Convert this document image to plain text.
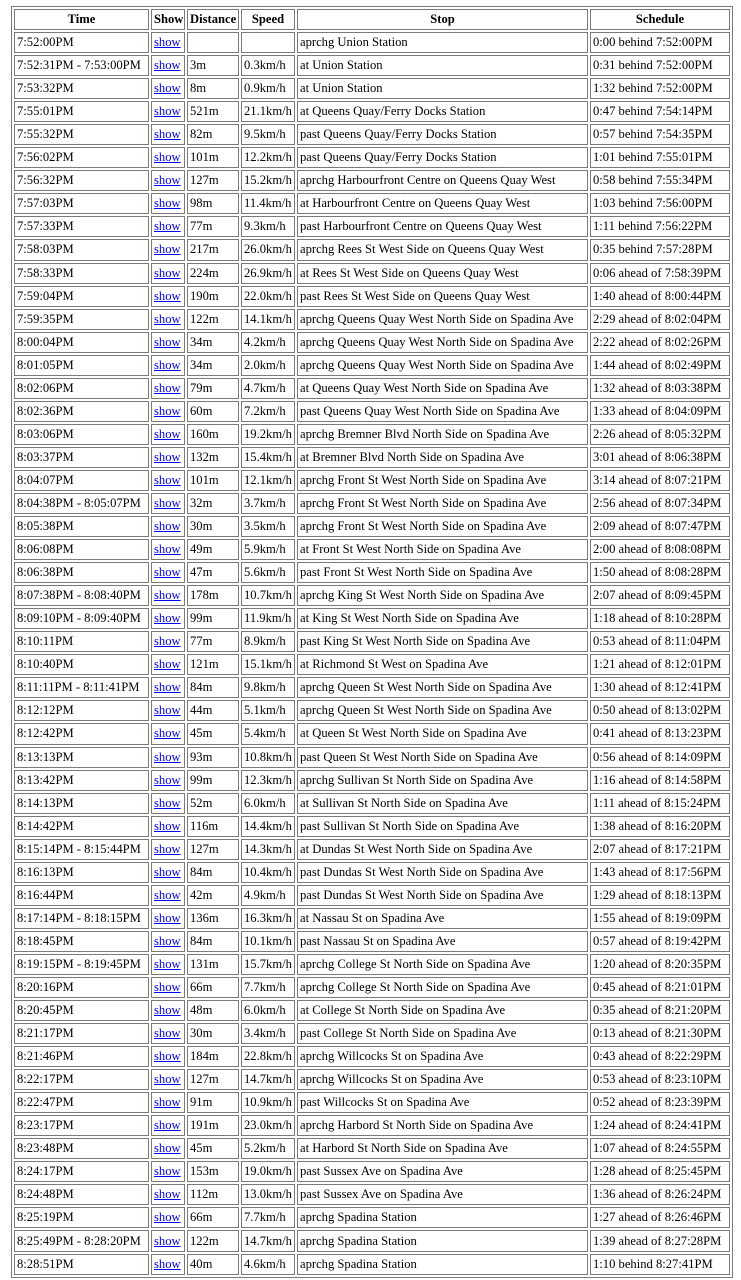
Time	Show	Distance	Speed	Stop	Schedule
7:52:00PM	show			aprchg Union Station	0:00 behind 7:52:00PM
7:52:31PM - 7:53:00PM	show	3m	0.3km/h	at Union Station	0:31 behind 7:52:00PM
7:53:32PM	show	8m	0.9km/h	at Union Station	1:32 behind 7:52:00PM
7:55:01PM	show	521m	21.1km/h	at Queens Quay/Ferry Docks Station	0:47 behind 7:54:14PM
7:55:32PM	show	82m	9.5km/h	past Queens Quay/Ferry Docks Station	0:57 behind 7:54:35PM
7:56:02PM	show	101m	12.2km/h	past Queens Quay/Ferry Docks Station	1:01 behind 7:55:01PM
7:56:32PM	show	127m	15.2km/h	aprchg Harbourfront Centre on Queens Quay West	0:58 behind 7:55:34PM
7:57:03PM	show	98m	11.4km/h	at Harbourfront Centre on Queens Quay West	1:03 behind 7:56:00PM
7:57:33PM	show	77m	9.3km/h	past Harbourfront Centre on Queens Quay West	1:11 behind 7:56:22PM
7:58:03PM	show	217m	26.0km/h	aprchg Rees St West Side on Queens Quay West	0:35 behind 7:57:28PM
7:58:33PM	show	224m	26.9km/h	at Rees St West Side on Queens Quay West	0:06 ahead of 7:58:39PM
7:59:04PM	show	190m	22.0km/h	past Rees St West Side on Queens Quay West	1:40 ahead of 8:00:44PM
7:59:35PM	show	122m	14.1km/h	aprchg Queens Quay West North Side on Spadina Ave	2:29 ahead of 8:02:04PM
8:00:04PM	show	34m	4.2km/h	aprchg Queens Quay West North Side on Spadina Ave	2:22 ahead of 8:02:26PM
8:01:05PM	show	34m	2.0km/h	aprchg Queens Quay West North Side on Spadina Ave	1:44 ahead of 8:02:49PM
8:02:06PM	show	79m	4.7km/h	at Queens Quay West North Side on Spadina Ave	1:32 ahead of 8:03:38PM
8:02:36PM	show	60m	7.2km/h	past Queens Quay West North Side on Spadina Ave	1:33 ahead of 8:04:09PM
8:03:06PM	show	160m	19.2km/h	aprchg Bremner Blvd North Side on Spadina Ave	2:26 ahead of 8:05:32PM
8:03:37PM	show	132m	15.4km/h	at Bremner Blvd North Side on Spadina Ave	3:01 ahead of 8:06:38PM
8:04:07PM	show	101m	12.1km/h	aprchg Front St West North Side on Spadina Ave	3:14 ahead of 8:07:21PM
8:04:38PM - 8:05:07PM	show	32m	3.7km/h	aprchg Front St West North Side on Spadina Ave	2:56 ahead of 8:07:34PM
8:05:38PM	show	30m	3.5km/h	aprchg Front St West North Side on Spadina Ave	2:09 ahead of 8:07:47PM
8:06:08PM	show	49m	5.9km/h	at Front St West North Side on Spadina Ave	2:00 ahead of 8:08:08PM
8:06:38PM	show	47m	5.6km/h	past Front St West North Side on Spadina Ave	1:50 ahead of 8:08:28PM
8:07:38PM - 8:08:40PM	show	178m	10.7km/h	aprchg King St West North Side on Spadina Ave	2:07 ahead of 8:09:45PM
8:09:10PM - 8:09:40PM	show	99m	11.9km/h	at King St West North Side on Spadina Ave	1:18 ahead of 8:10:28PM
8:10:11PM	show	77m	8.9km/h	past King St West North Side on Spadina Ave	0:53 ahead of 8:11:04PM
8:10:40PM	show	121m	15.1km/h	at Richmond St West on Spadina Ave	1:21 ahead of 8:12:01PM
8:11:11PM - 8:11:41PM	show	84m	9.8km/h	aprchg Queen St West North Side on Spadina Ave	1:30 ahead of 8:12:41PM
8:12:12PM	show	44m	5.1km/h	aprchg Queen St West North Side on Spadina Ave	0:50 ahead of 8:13:02PM
8:12:42PM	show	45m	5.4km/h	at Queen St West North Side on Spadina Ave	0:41 ahead of 8:13:23PM
8:13:13PM	show	93m	10.8km/h	past Queen St West North Side on Spadina Ave	0:56 ahead of 8:14:09PM
8:13:42PM	show	99m	12.3km/h	aprchg Sullivan St North Side on Spadina Ave	1:16 ahead of 8:14:58PM
8:14:13PM	show	52m	6.0km/h	at Sullivan St North Side on Spadina Ave	1:11 ahead of 8:15:24PM
8:14:42PM	show	116m	14.4km/h	past Sullivan St North Side on Spadina Ave	1:38 ahead of 8:16:20PM
8:15:14PM - 8:15:44PM	show	127m	14.3km/h	at Dundas St West North Side on Spadina Ave	2:07 ahead of 8:17:21PM
8:16:13PM	show	84m	10.4km/h	past Dundas St West North Side on Spadina Ave	1:43 ahead of 8:17:56PM
8:16:44PM	show	42m	4.9km/h	past Dundas St West North Side on Spadina Ave	1:29 ahead of 8:18:13PM
8:17:14PM - 8:18:15PM	show	136m	16.3km/h	at Nassau St on Spadina Ave	1:55 ahead of 8:19:09PM
8:18:45PM	show	84m	10.1km/h	past Nassau St on Spadina Ave	0:57 ahead of 8:19:42PM
8:19:15PM - 8:19:45PM	show	131m	15.7km/h	aprchg College St North Side on Spadina Ave	1:20 ahead of 8:20:35PM
8:20:16PM	show	66m	7.7km/h	aprchg College St North Side on Spadina Ave	0:45 ahead of 8:21:01PM
8:20:45PM	show	48m	6.0km/h	at College St North Side on Spadina Ave	0:35 ahead of 8:21:20PM
8:21:17PM	show	30m	3.4km/h	past College St North Side on Spadina Ave	0:13 ahead of 8:21:30PM
8:21:46PM	show	184m	22.8km/h	aprchg Willcocks St on Spadina Ave	0:43 ahead of 8:22:29PM
8:22:17PM	show	127m	14.7km/h	aprchg Willcocks St on Spadina Ave	0:53 ahead of 8:23:10PM
8:22:47PM	show	91m	10.9km/h	past Willcocks St on Spadina Ave	0:52 ahead of 8:23:39PM
8:23:17PM	show	191m	23.0km/h	aprchg Harbord St North Side on Spadina Ave	1:24 ahead of 8:24:41PM
8:23:48PM	show	45m	5.2km/h	at Harbord St North Side on Spadina Ave	1:07 ahead of 8:24:55PM
8:24:17PM	show	153m	19.0km/h	past Sussex Ave on Spadina Ave	1:28 ahead of 8:25:45PM
8:24:48PM	show	112m	13.0km/h	past Sussex Ave on Spadina Ave	1:36 ahead of 8:26:24PM
8:25:19PM	show	66m	7.7km/h	aprchg Spadina Station	1:27 ahead of 8:26:46PM
8:25:49PM - 8:28:20PM	show	122m	14.7km/h	aprchg Spadina Station	1:39 ahead of 8:27:28PM
8:28:51PM	show	40m	4.6km/h	aprchg Spadina Station	1:10 behind 8:27:41PM
